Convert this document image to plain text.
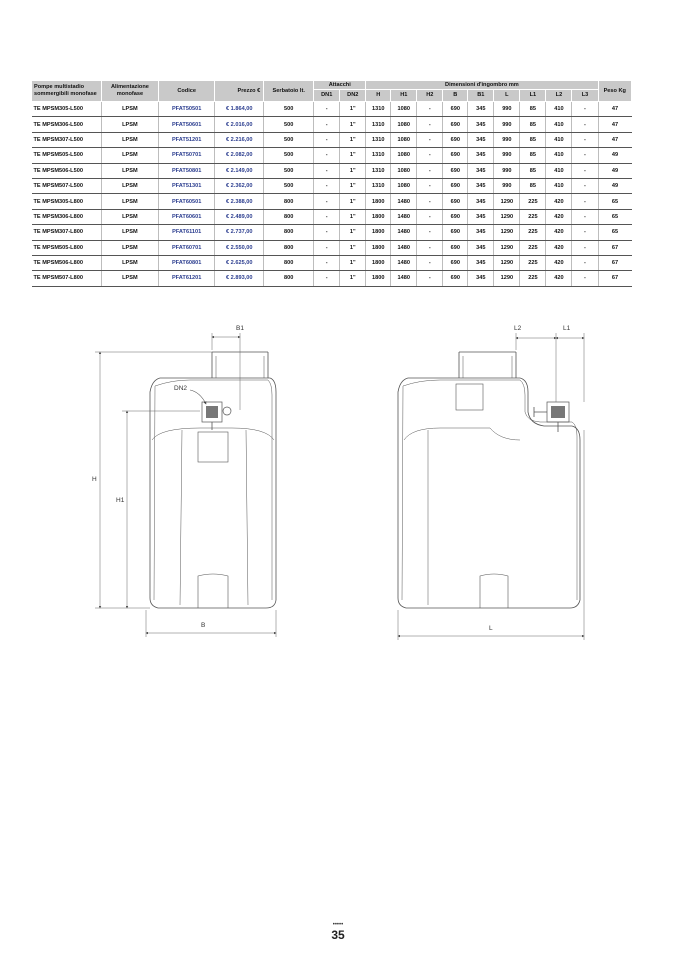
Pompe multistadio sommergibili monofase	Alimentazione monofase	Codice	Prezzo €	Serbatoio lt.	Attacchi		Dimensioni d'ingombro mm									Peso Kg
					DN1	DN2	H	H1	H2	B	B1	L	L1	L2	L3	
TE MPSM305-L500	LPSM	PFAT50501	€ 1.864,00	500	-	1"	1310	1080	-	690	345	990	85	410	-	47
TE MPSM306-L500	LPSM	PFAT50601	€ 2.016,00	500	-	1"	1310	1080	-	690	345	990	85	410	-	47
TE MPSM307-L500	LPSM	PFAT51201	€ 2.216,00	500	-	1"	1310	1080	-	690	345	990	85	410	-	47
TE MPSM505-L500	LPSM	PFAT50701	€ 2.082,00	500	-	1"	1310	1080	-	690	345	990	85	410	-	49
TE MPSM506-L500	LPSM	PFAT50801	€ 2.149,00	500	-	1"	1310	1080	-	690	345	990	85	410	-	49
TE MPSM507-L500	LPSM	PFAT51301	€ 2.362,00	500	-	1"	1310	1080	-	690	345	990	85	410	-	49
TE MPSM305-L800	LPSM	PFAT60501	€ 2.388,00	800	-	1"	1800	1480	-	690	345	1290	225	420	-	65
TE MPSM306-L800	LPSM	PFAT60601	€ 2.489,00	800	-	1"	1800	1480	-	690	345	1290	225	420	-	65
TE MPSM307-L800	LPSM	PFAT61101	€ 2.737,00	800	-	1"	1800	1480	-	690	345	1290	225	420	-	65
TE MPSM505-L800	LPSM	PFAT60701	€ 2.550,00	800	-	1"	1800	1480	-	690	345	1290	225	420	-	67
TE MPSM506-L800	LPSM	PFAT60801	€ 2.625,00	800	-	1"	1800	1480	-	690	345	1290	225	420	-	67
TE MPSM507-L800	LPSM	PFAT61201	€ 2.893,00	800	-	1"	1800	1480	-	690	345	1290	225	420	-	67
DN2
B1
H
H1
B
L2	L1
L
•••••
35
